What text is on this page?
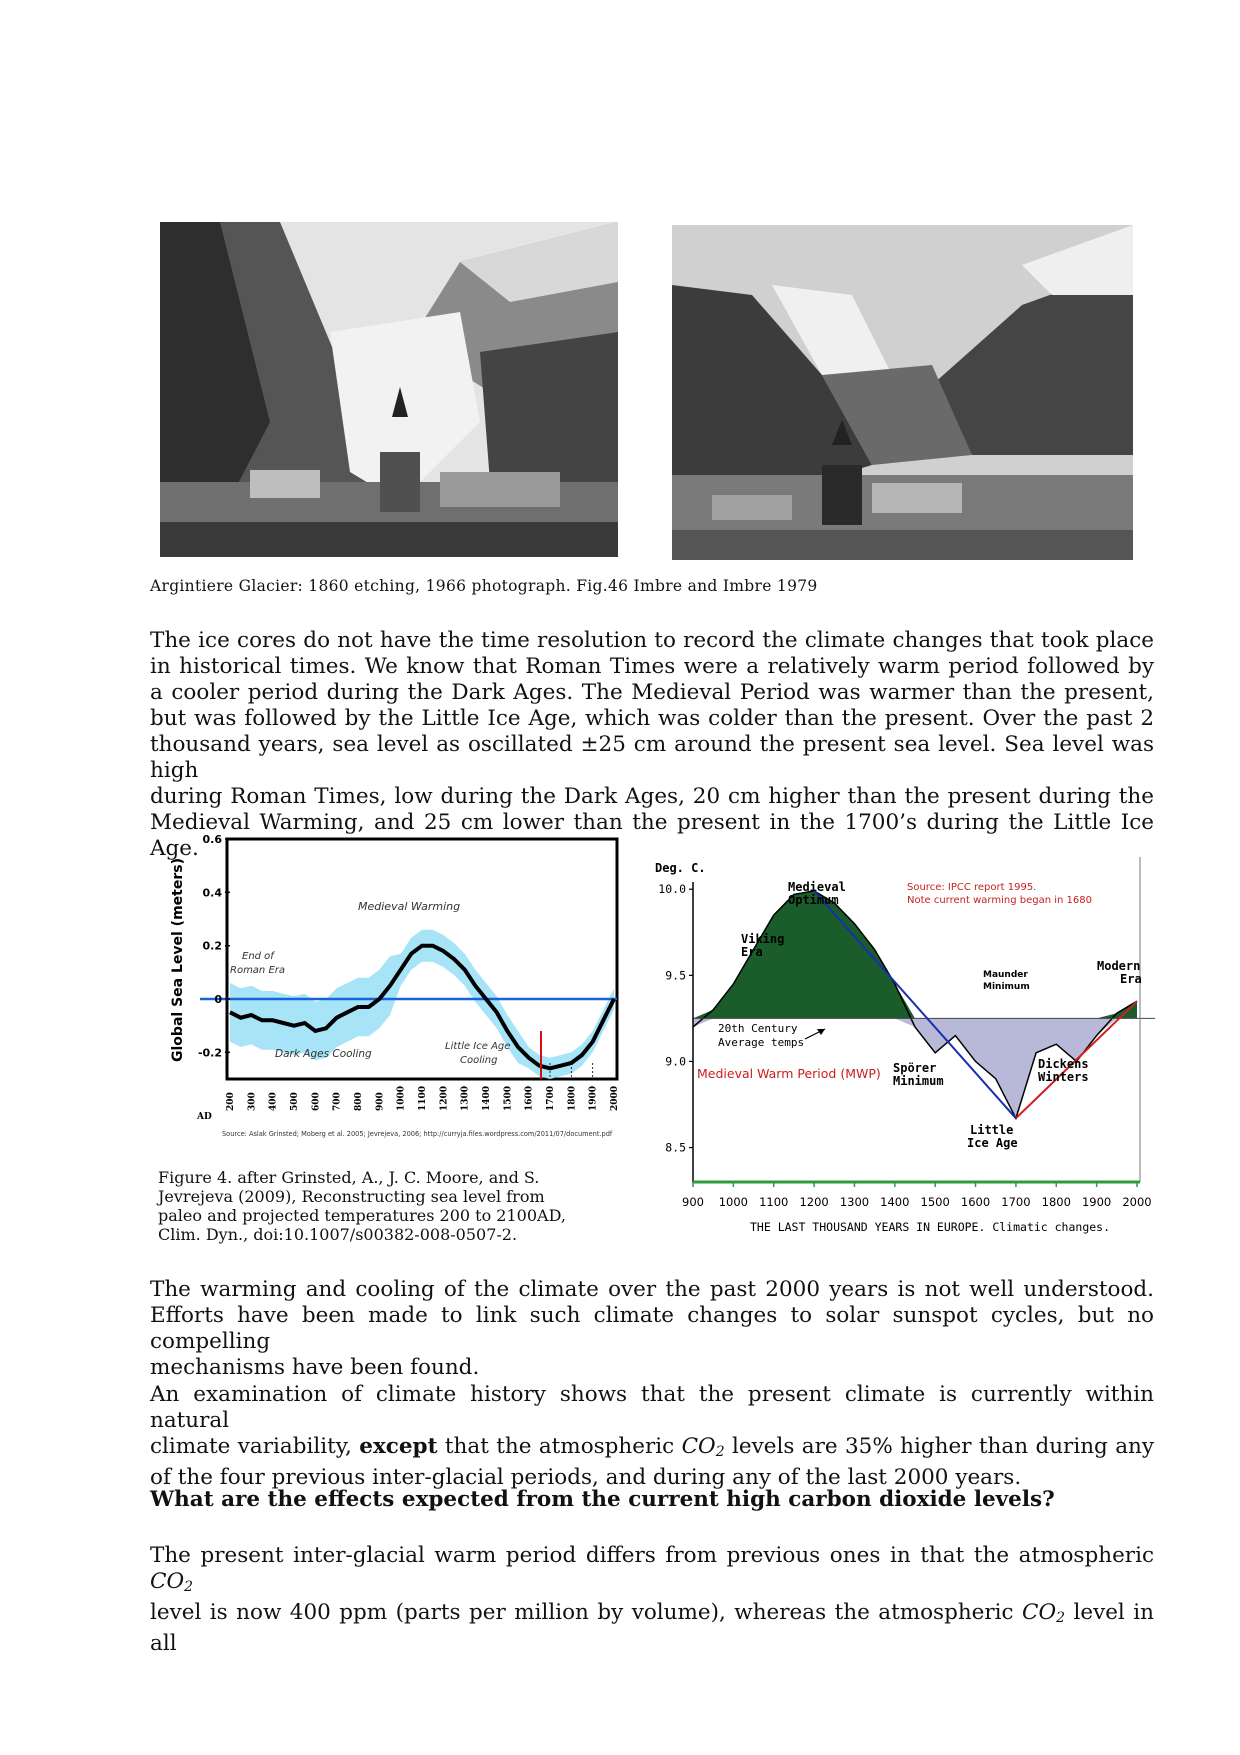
Argintiere Glacier: 1860 etching, 1966 photograph. Fig.46 Imbre and Imbre 1979
The ice cores do not have the time resolution to record the climate changes that took place
in historical times. We know that Roman Times were a relatively warm period followed by
a cooler period during the Dark Ages. The Medieval Period was warmer than the present,
but was followed by the Little Ice Age, which was colder than the present. Over the past 2
thousand years, sea level as oscillated ±25 cm around the present sea level. Sea level was high
during Roman Times, low during the Dark Ages, 20 cm higher than the present during the
Medieval Warming, and 25 cm lower than the present in the 1700’s during the Little Ice Age. 0.6
0.4
0.2
0
-0.2
200 300 400 500 600 700 800 900 1000 1100 1200 1300 1400 1500 1600 1700 1800 1900 2000
Global Sea Level (meters)
AD
Medieval Warming
End of
Roman Era
Dark Ages Cooling
Little Ice Age
Cooling
Source: Aslak Grinsted; Moberg et al. 2005; Jevrejeva, 2006; http://curryja.files.wordpress.com/2011/07/document.pdf
Figure 4. after Grinsted, A., J. C. Moore, and S.
Jevrejeva (2009), Reconstructing sea level from
paleo and projected temperatures 200 to 2100AD,
Clim. Dyn., doi:10.1007/s00382-008-0507-2.
10.0
9.5
9.0
8.5
900 1000 1100 1200 1300 1400 1500 1600 1700 1800 1900 2000
Deg. C.
Medieval
Optimum
Viking
Era
20th Century
Average temps
Spörer
Minimum
Modern
Era
Dickens
Winters
Little
Ice Age
Medieval Warm Period (MWP)
Source: IPCC report 1995.
Note current warming began in 1680
Maunder
Minimum
THE LAST THOUSAND YEARS IN EUROPE. Climatic changes.
The warming and cooling of the climate over the past 2000 years is not well understood.
Efforts have been made to link such climate changes to solar sunspot cycles, but no compelling
mechanisms have been found.
An examination of climate history shows that the present climate is currently within natural
climate variability, except that the atmospheric $CO_2$ levels are 35% higher than during any
of the four previous inter-glacial periods, and during any of the last 2000 years.
What are the effects expected from the current high carbon dioxide levels?
The present inter-glacial warm period differs from previous ones in that the atmospheric $CO_2$
level is now 400 ppm (parts per million by volume), whereas the atmospheric $CO_2$ level in all
